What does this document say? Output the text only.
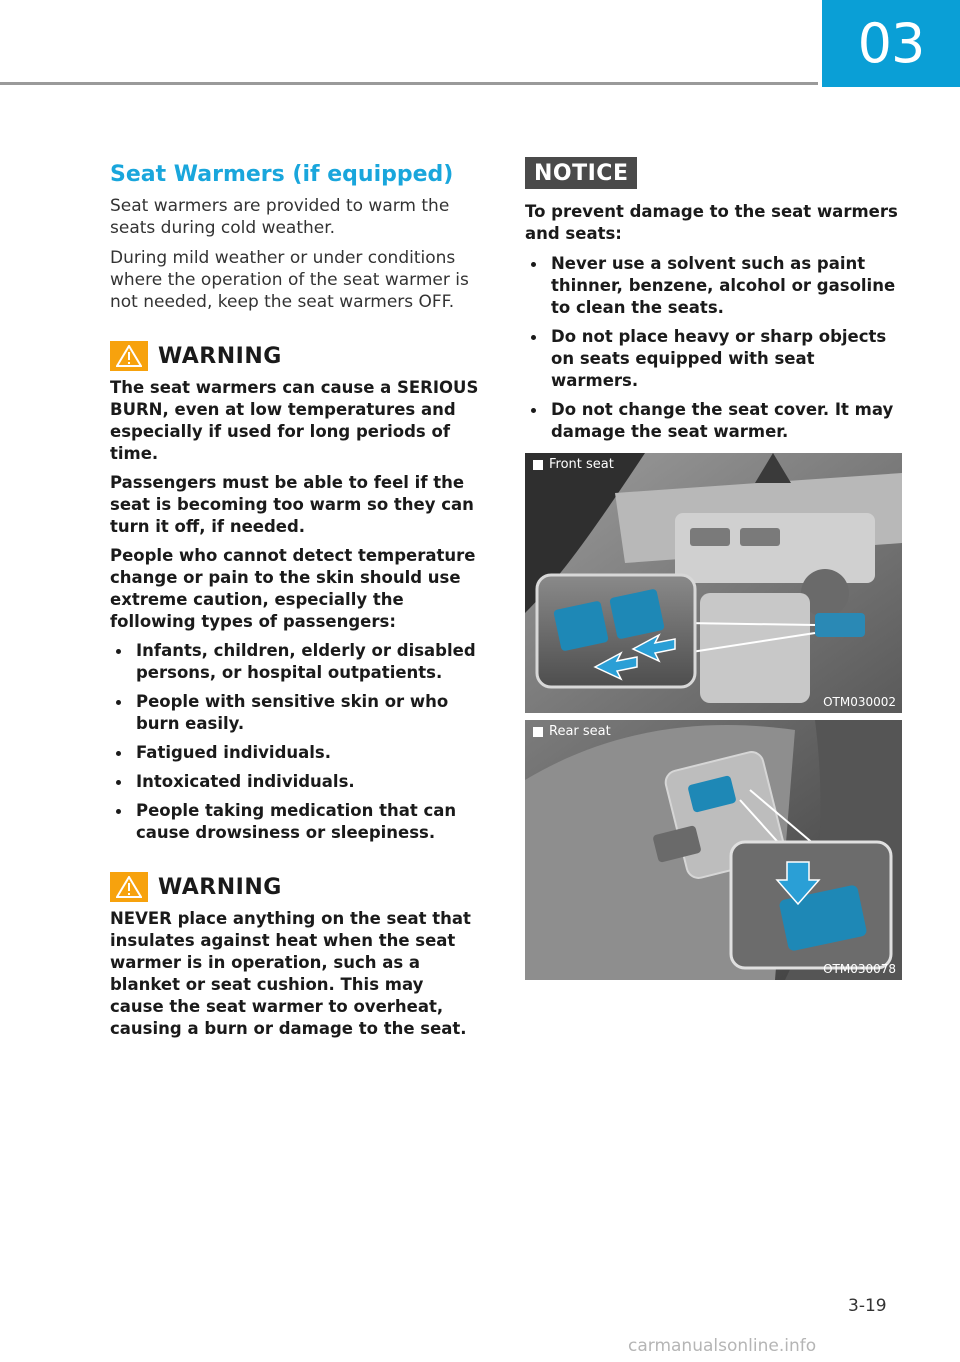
03
Seat Warmers (if equipped)

Seat warmers are provided to warm the seats during cold weather.

During mild weather or under conditions where the operation of the seat warmer is not needed, keep the seat warmers OFF.

WARNING

The seat warmers can cause a SERIOUS BURN, even at low temperatures and especially if used for long periods of time.

Passengers must be able to feel if the seat is becoming too warm so they can turn it off, if needed.

People who cannot detect temperature change or pain to the skin should use extreme caution, especially the following types of passengers:

Infants, children, elderly or disabled persons, or hospital outpatients.
People with sensitive skin or who burn easily.
Fatigued individuals.
Intoxicated individuals.
People taking medication that can cause drowsiness or sleepiness.
WARNING

NEVER place anything on the seat that insulates against heat when the seat warmer is in operation, such as a blanket or seat cushion. This may cause the seat warmer to overheat, causing a burn or damage to the seat.

NOTICE

To prevent damage to the seat warmers and seats:

Never use a solvent such as paint thinner, benzene, alcohol or gasoline to clean the seats.
Do not place heavy or sharp objects on seats equipped with seat warmers.
Do not change the seat cover. It may damage the seat warmer.
Front seat
OTM030002
Rear seat
OTM030078
3-19
carmanualsonline.info
